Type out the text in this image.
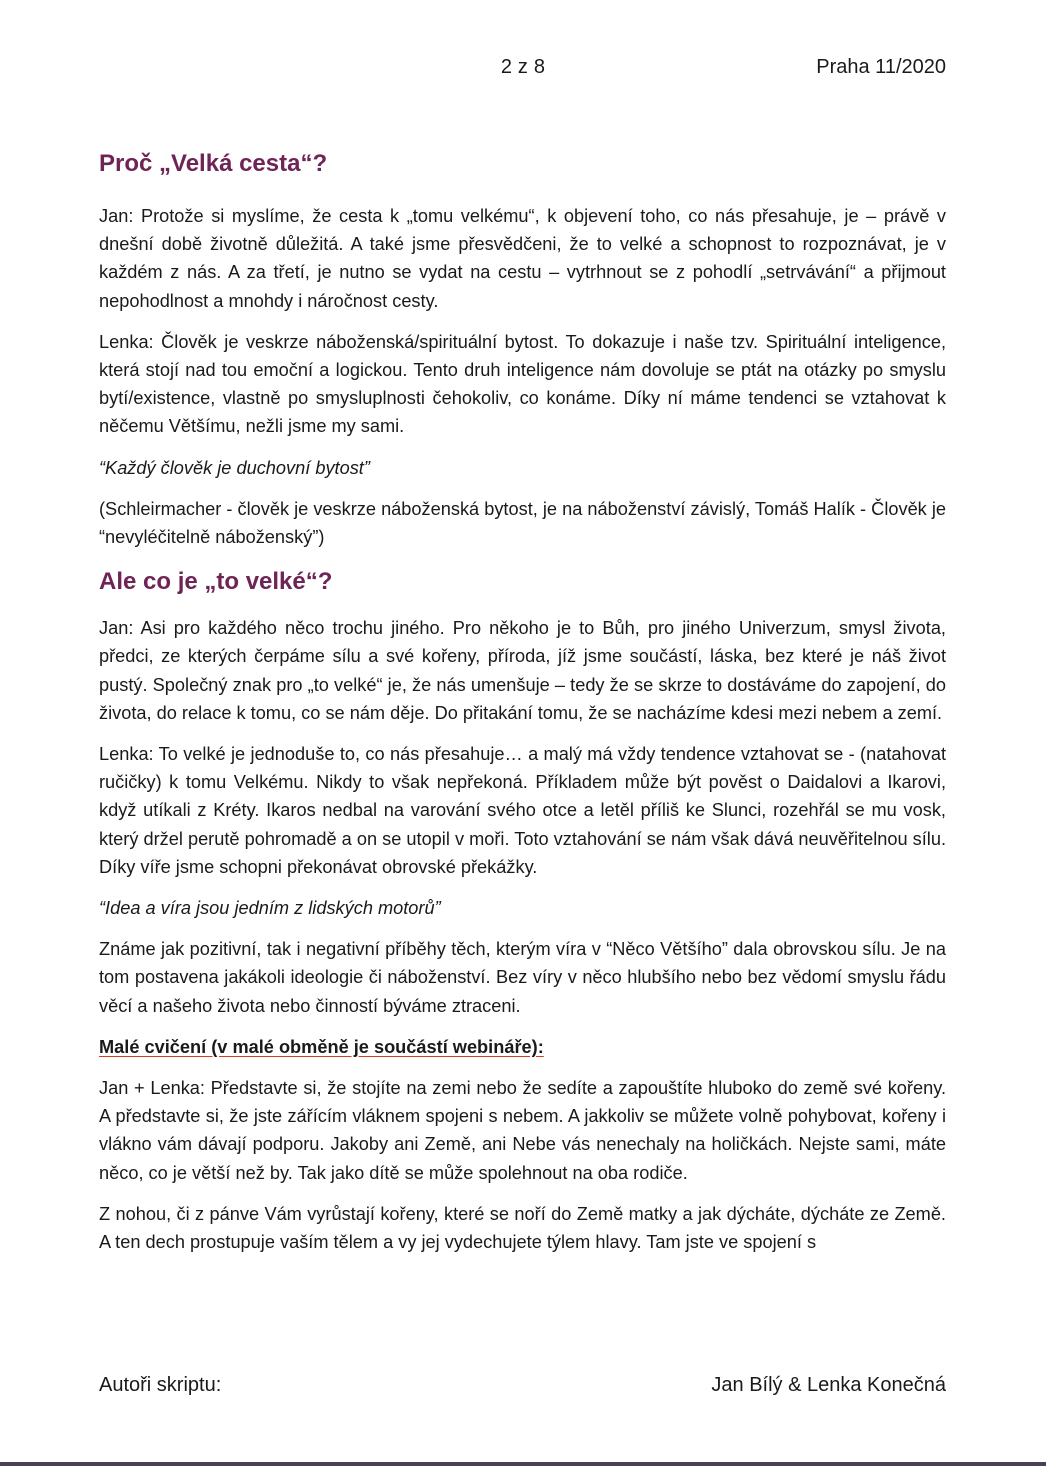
2 z 8	Praha 11/2020
Proč „Velká cesta“?

Jan: Protože si myslíme, že cesta k „tomu velkému“, k objevení toho, co nás přesahuje, je – právě v dnešní době životně důležitá. A také jsme přesvědčeni, že to velké a schopnost to rozpoznávat, je v každém z nás. A za třetí, je nutno se vydat na cestu – vytrhnout se z pohodlí „setrvávání“ a přijmout nepohodlnost a mnohdy i náročnost cesty.

Lenka: Člověk je veskrze náboženská/spirituální bytost. To dokazuje i naše tzv. Spirituální inteligence, která stojí nad tou emoční a logickou. Tento druh inteligence nám dovoluje se ptát na otázky po smyslu bytí/existence, vlastně po smysluplnosti čehokoliv, co konáme. Díky ní máme tendenci se vztahovat k něčemu Většímu, nežli jsme my sami.

“Každý člověk je duchovní bytost”

(Schleirmacher - člověk je veskrze náboženská bytost, je na náboženství závislý, Tomáš Halík - Člověk je “nevyléčitelně náboženský”)

Ale co je „to velké“?

Jan: Asi pro každého něco trochu jiného. Pro někoho je to Bůh, pro jiného Univerzum, smysl života, předci, ze kterých čerpáme sílu a své kořeny, příroda, jíž jsme součástí, láska, bez které je náš život pustý. Společný znak pro „to velké“ je, že nás umenšuje – tedy že se skrze to dostáváme do zapojení, do života, do relace k tomu, co se nám děje. Do přitakání tomu, že se nacházíme kdesi mezi nebem a zemí.

Lenka: To velké je jednoduše to, co nás přesahuje… a malý má vždy tendence vztahovat se - (natahovat ručičky) k tomu Velkému. Nikdy to však nepřekoná. Příkladem může být pověst o Daidalovi a Ikarovi, když utíkali z Kréty. Ikaros nedbal na varování svého otce a letěl příliš ke Slunci, rozehřál se mu vosk, který držel perutě pohromadě a on se utopil v moři. Toto vztahování se nám však dává neuvěřitelnou sílu. Díky víře jsme schopni překonávat obrovské překážky.

“Idea a víra jsou jedním z lidských motorů”

Známe jak pozitivní, tak i negativní příběhy těch, kterým víra v “Něco Většího” dala obrovskou sílu. Je na tom postavena jakákoli ideologie či náboženství. Bez víry v něco hlubšího nebo bez vědomí smyslu řádu věcí a našeho života nebo činností býváme ztraceni.

Malé cvičení (v malé obměně je součástí webináře):

Jan + Lenka: Představte si, že stojíte na zemi nebo že sedíte a zapouštíte hluboko do země své kořeny. A představte si, že jste zářícím vláknem spojeni s nebem. A jakkoliv se můžete volně pohybovat, kořeny i vlákno vám dávají podporu. Jakoby ani Země, ani Nebe vás nenechaly na holičkách. Nejste sami, máte něco, co je větší než by. Tak jako dítě se může spolehnout na oba rodiče.

Z nohou, či z pánve Vám vyrůstají kořeny, které se noří do Země matky a jak dýcháte, dýcháte ze Země. A ten dech prostupuje vaším tělem a vy jej vydechujete týlem hlavy. Tam jste ve spojení s

Autoři skriptu:	Jan Bílý & Lenka Konečná
